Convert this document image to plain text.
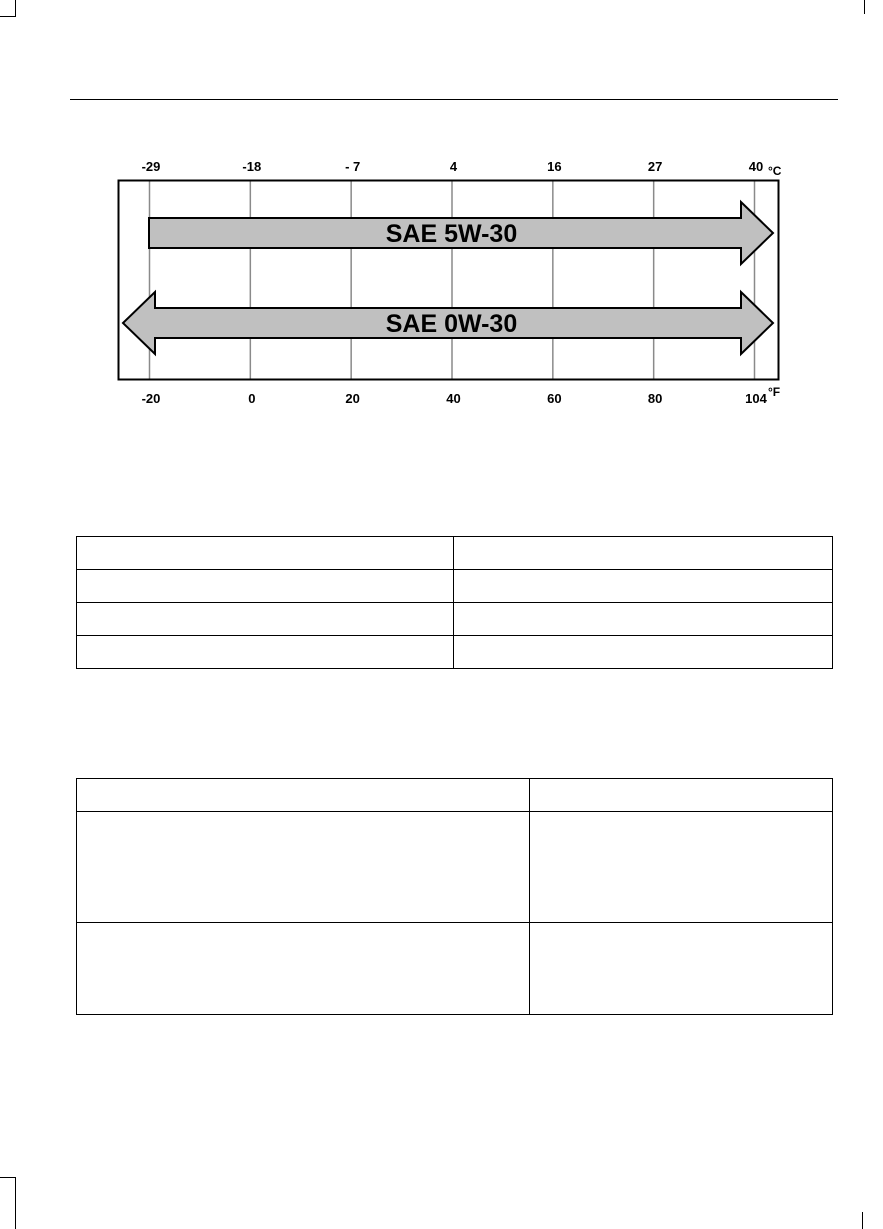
SAE 5W-30
SAE 0W-30
-29	-18	- 7	4	16	27	40 °C
-20	0	20	40	60	80	104 °F
